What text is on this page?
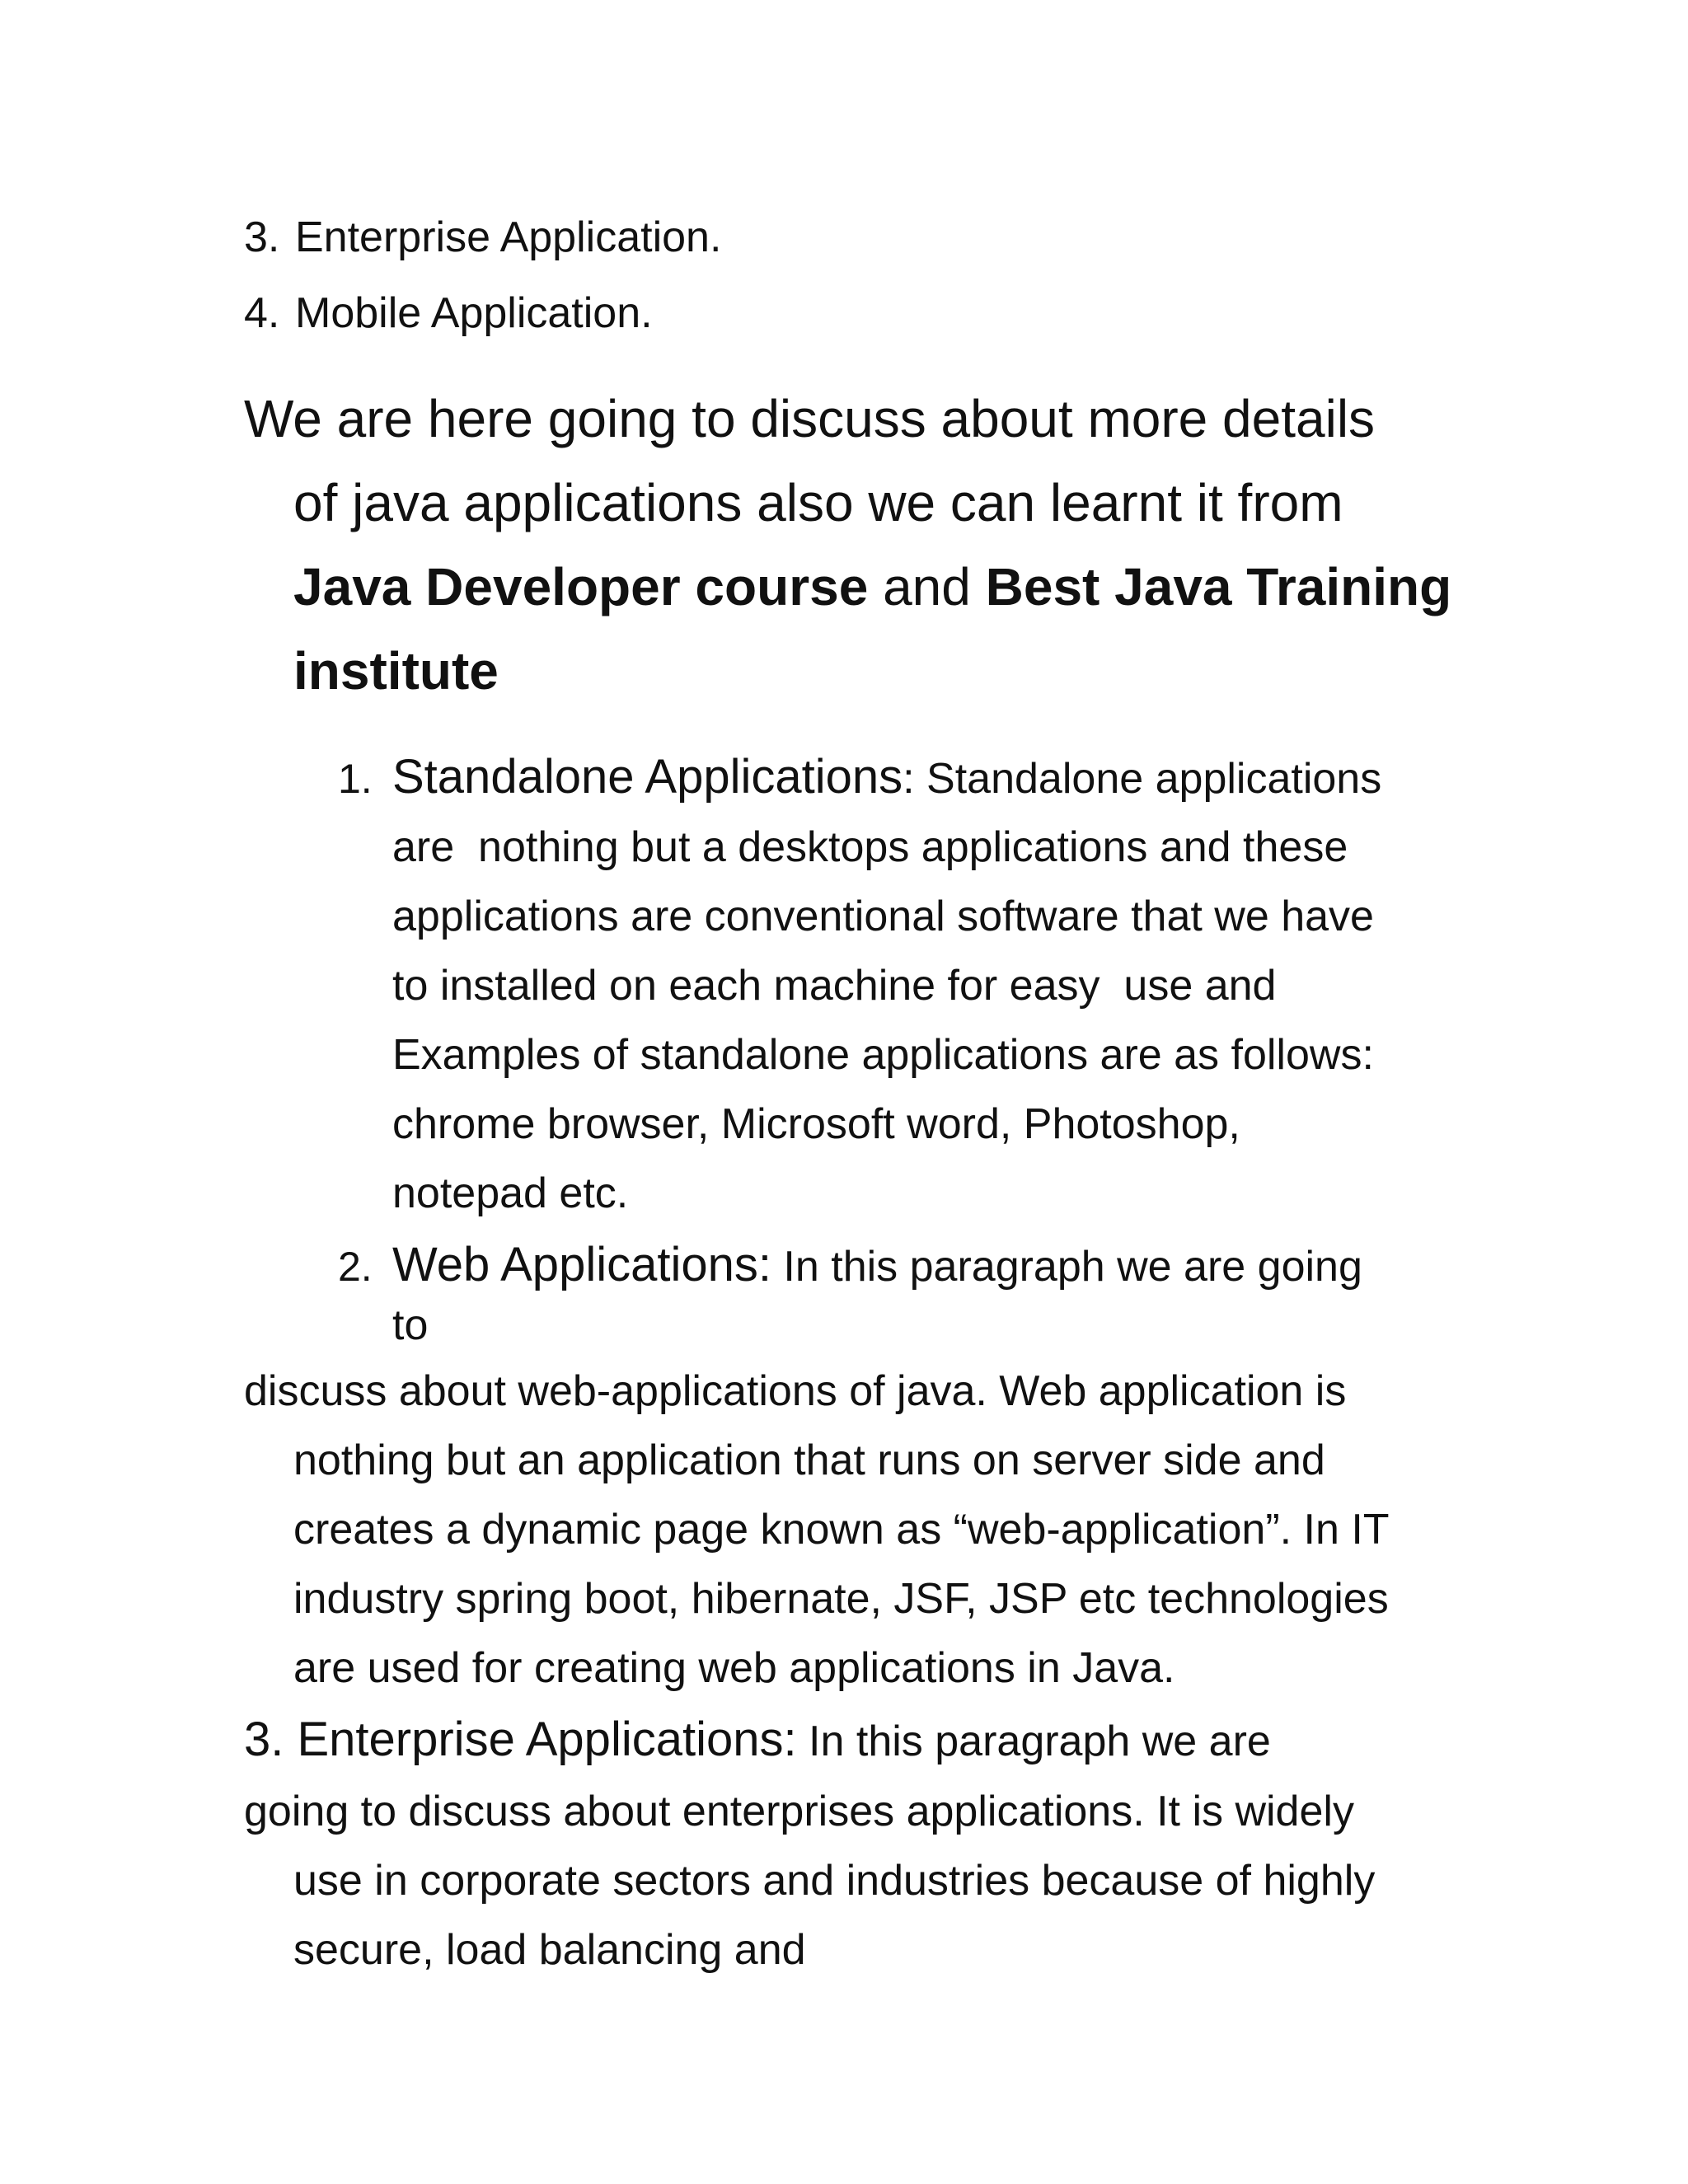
3. Enterprise Application.
4. Mobile Application.
We are here going to discuss about more details
of java applications also we can learnt it from
Java Developer course and Best Java Training
institute
1. Standalone Applications: Standalone applications
are  nothing but a desktops applications and these
applications are conventional software that we have
to installed on each machine for easy  use and
Examples of standalone applications are as follows:
chrome browser, Microsoft word, Photoshop,
notepad etc.
2. Web Applications: In this paragraph we are going
to
discuss about web-applications of java. Web application is
nothing but an application that runs on server side and
creates a dynamic page known as “web-application”. In IT
industry spring boot, hibernate, JSF, JSP etc technologies
are used for creating web applications in Java.
3. Enterprise Applications: In this paragraph we are
going to discuss about enterprises applications. It is widely
use in corporate sectors and industries because of highly
secure, load balancing and
